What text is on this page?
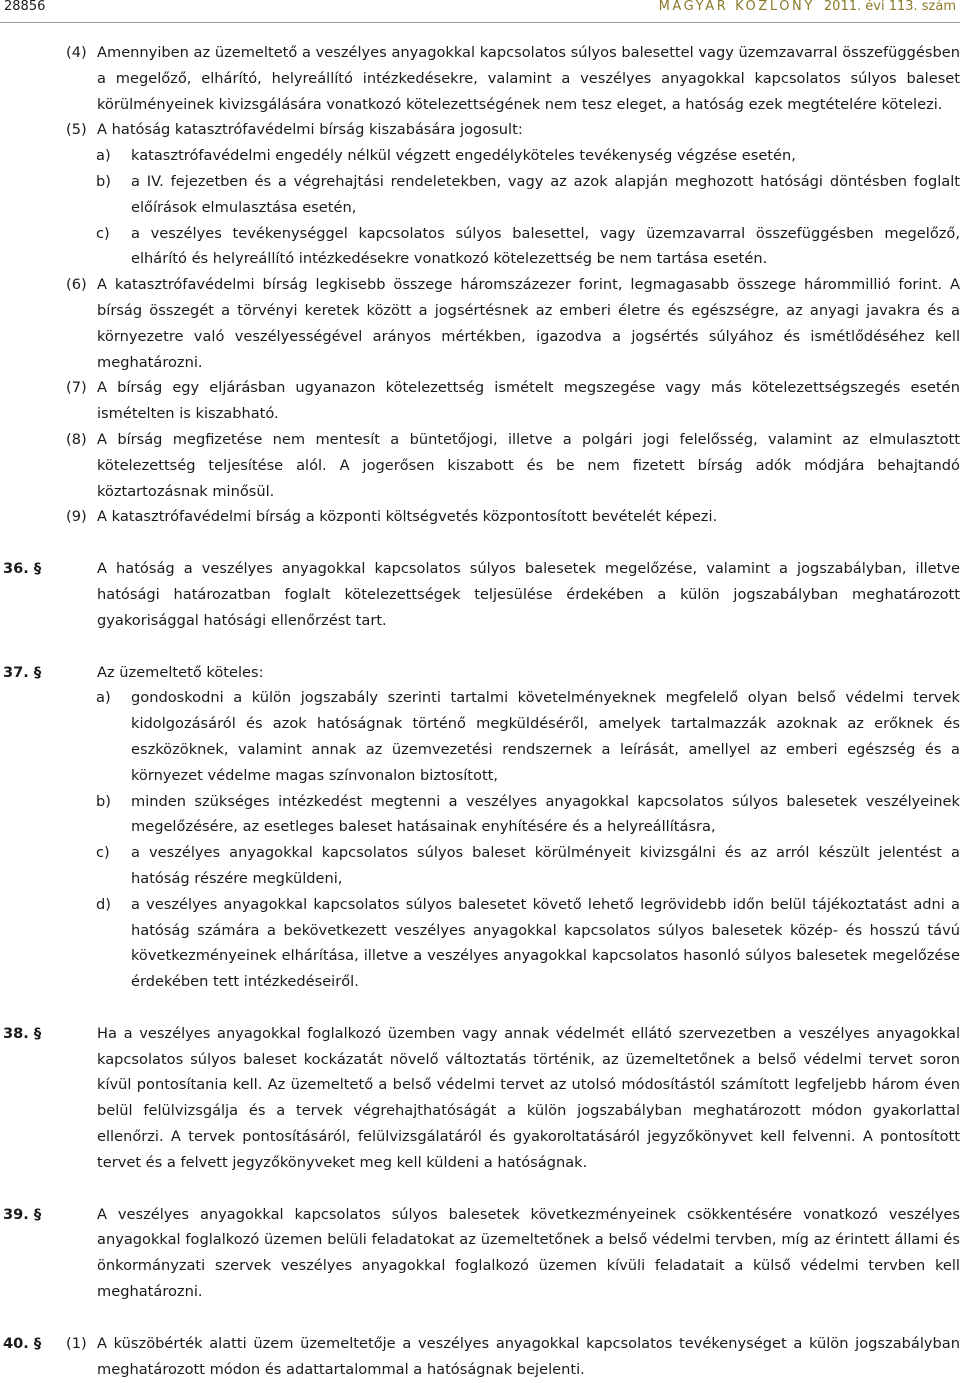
28856	MAGYAR KÖZLÖNY 2011. évi 113. szám

(4) Amennyiben az üzemeltető a veszélyes anyagokkal kapcsolatos súlyos balesettel vagy üzemzavarral összefüggésben a megelőző, elhárító, helyreállító intézkedésekre, valamint a veszélyes anyagokkal kapcsolatos súlyos baleset körülményeinek kivizsgálására vonatkozó kötelezettségének nem tesz eleget, a hatóság ezek megtételére kötelezi.

(5) A hatóság katasztrófavédelmi bírság kiszabására jogosult:

a) katasztrófavédelmi engedély nélkül végzett engedélyköteles tevékenység végzése esetén,

b) a IV. fejezetben és a végrehajtási rendeletekben, vagy az azok alapján meghozott hatósági döntésben foglalt előírások elmulasztása esetén,

c) a veszélyes tevékenységgel kapcsolatos súlyos balesettel, vagy üzemzavarral összefüggésben megelőző, elhárító és helyreállító intézkedésekre vonatkozó kötelezettség be nem tartása esetén.

(6) A katasztrófavédelmi bírság legkisebb összege háromszázezer forint, legmagasabb összege hárommillió forint. A bírság összegét a törvényi keretek között a jogsértésnek az emberi életre és egészségre, az anyagi javakra és a környezetre való veszélyességével arányos mértékben, igazodva a jogsértés súlyához és ismétlődéséhez kell meghatározni.

(7) A bírság egy eljárásban ugyanazon kötelezettség ismételt megszegése vagy más kötelezettségszegés esetén ismételten is kiszabható.

(8) A bírság megfizetése nem mentesít a büntetőjogi, illetve a polgári jogi felelősség, valamint az elmulasztott kötelezettség teljesítése alól. A jogerősen kiszabott és be nem fizetett bírság adók módjára behajtandó köztartozásnak minősül.

(9) A katasztrófavédelmi bírság a központi költségvetés központosított bevételét képezi.

36. §	A hatóság a veszélyes anyagokkal kapcsolatos súlyos balesetek megelőzése, valamint a jogszabályban, illetve hatósági határozatban foglalt kötelezettségek teljesülése érdekében a külön jogszabályban meghatározott gyakorisággal hatósági ellenőrzést tart.

37. §	Az üzemeltető köteles:

a) gondoskodni a külön jogszabály szerinti tartalmi követelményeknek megfelelő olyan belső védelmi tervek kidolgozásáról és azok hatóságnak történő megküldéséről, amelyek tartalmazzák azoknak az erőknek és eszközöknek, valamint annak az üzemvezetési rendszernek a leírását, amellyel az emberi egészség és a környezet védelme magas színvonalon biztosított,

b) minden szükséges intézkedést megtenni a veszélyes anyagokkal kapcsolatos súlyos balesetek veszélyeinek megelőzésére, az esetleges baleset hatásainak enyhítésére és a helyreállításra,

c) a veszélyes anyagokkal kapcsolatos súlyos baleset körülményeit kivizsgálni és az arról készült jelentést a hatóság részére megküldeni,

d) a veszélyes anyagokkal kapcsolatos súlyos balesetet követő lehető legrövidebb időn belül tájékoztatást adni a hatóság számára a bekövetkezett veszélyes anyagokkal kapcsolatos súlyos balesetek közép- és hosszú távú következményeinek elhárítása, illetve a veszélyes anyagokkal kapcsolatos hasonló súlyos balesetek megelőzése érdekében tett intézkedéseiről.

38. §	Ha a veszélyes anyagokkal foglalkozó üzemben vagy annak védelmét ellátó szervezetben a veszélyes anyagokkal kapcsolatos súlyos baleset kockázatát növelő változtatás történik, az üzemeltetőnek a belső védelmi tervet soron kívül pontosítania kell. Az üzemeltető a belső védelmi tervet az utolsó módosítástól számított legfeljebb három éven belül felülvizsgálja és a tervek végrehajthatóságát a külön jogszabályban meghatározott módon gyakorlattal ellenőrzi. A tervek pontosításáról, felülvizsgálatáról és gyakoroltatásáról jegyzőkönyvet kell felvenni. A pontosított tervet és a felvett jegyzőkönyveket meg kell küldeni a hatóságnak.

39. §	A veszélyes anyagokkal kapcsolatos súlyos balesetek következményeinek csökkentésére vonatkozó veszélyes anyagokkal foglalkozó üzemen belüli feladatokat az üzemeltetőnek a belső védelmi tervben, míg az érintett állami és önkormányzati szervek veszélyes anyagokkal foglalkozó üzemen kívüli feladatait a külső védelmi tervben kell meghatározni.

40. § (1) A küszöbérték alatti üzem üzemeltetője a veszélyes anyagokkal kapcsolatos tevékenységet a külön jogszabályban meghatározott módon és adattartalommal a hatóságnak bejelenti.
